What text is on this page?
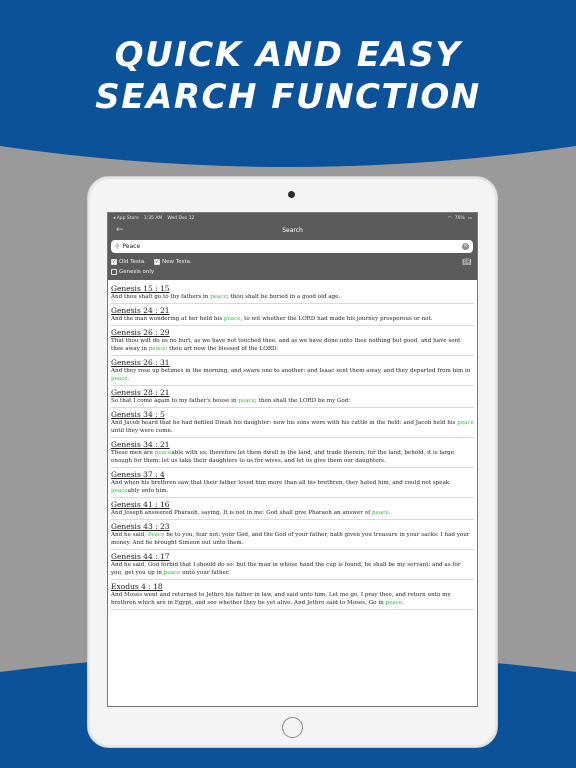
QUICK AND EASY
SEARCH FUNCTION
◂ App Store 1:35 AM Wed Dec 12	◠ 76% ▭
←	Search
⚲ Peace	×
✓ Old Testa. ✓ New Testa.	📖︎
Genesis only
Genesis 15 : 15
And thou shalt go to thy fathers in peace; thou shalt be buried in a good old age.
Genesis 24 : 21
And the man wondering at her held his peace, to wit whether the LORD had made his journey prosperous or not.
Genesis 26 : 29
That thou wilt do us no hurt, as we have not touched thee, and as we have done unto thee nothing but good, and have sent thee away in peace: thou art now the blessed of the LORD.
Genesis 26 : 31
And they rose up betimes in the morning, and sware one to another: and Isaac sent them away, and they departed from him in peace.
Genesis 28 : 21
So that I come again to my father's house in peace; then shall the LORD be my God:
Genesis 34 : 5
And Jacob heard that he had defiled Dinah his daughter: now his sons were with his cattle in the field: and Jacob held his peace until they were come.
Genesis 34 : 21
These men are peaceable with us; therefore let them dwell in the land, and trade therein; for the land, behold, it is large enough for them; let us take their daughters to us for wives, and let us give them our daughters.
Genesis 37 : 4
And when his brethren saw that their father loved him more than all his brethren, they hated him, and could not speak peaceably unto him.
Genesis 41 : 16
And Joseph answered Pharaoh, saying, It is not in me: God shall give Pharaoh an answer of peace.
Genesis 43 : 23
And he said, Peace be to you, fear not: your God, and the God of your father, hath given you treasure in your sacks: I had your money. And he brought Simeon out unto them.
Genesis 44 : 17
And he said, God forbid that I should do so: but the man in whose hand the cup is found, he shall be my servant; and as for you, get you up in peace unto your father.
Exodus 4 : 18
And Moses went and returned to Jethro his father in law, and said unto him, Let me go, I pray thee, and return unto my brethren which are in Egypt, and see whether they be yet alive. And Jethro said to Moses, Go in peace.
